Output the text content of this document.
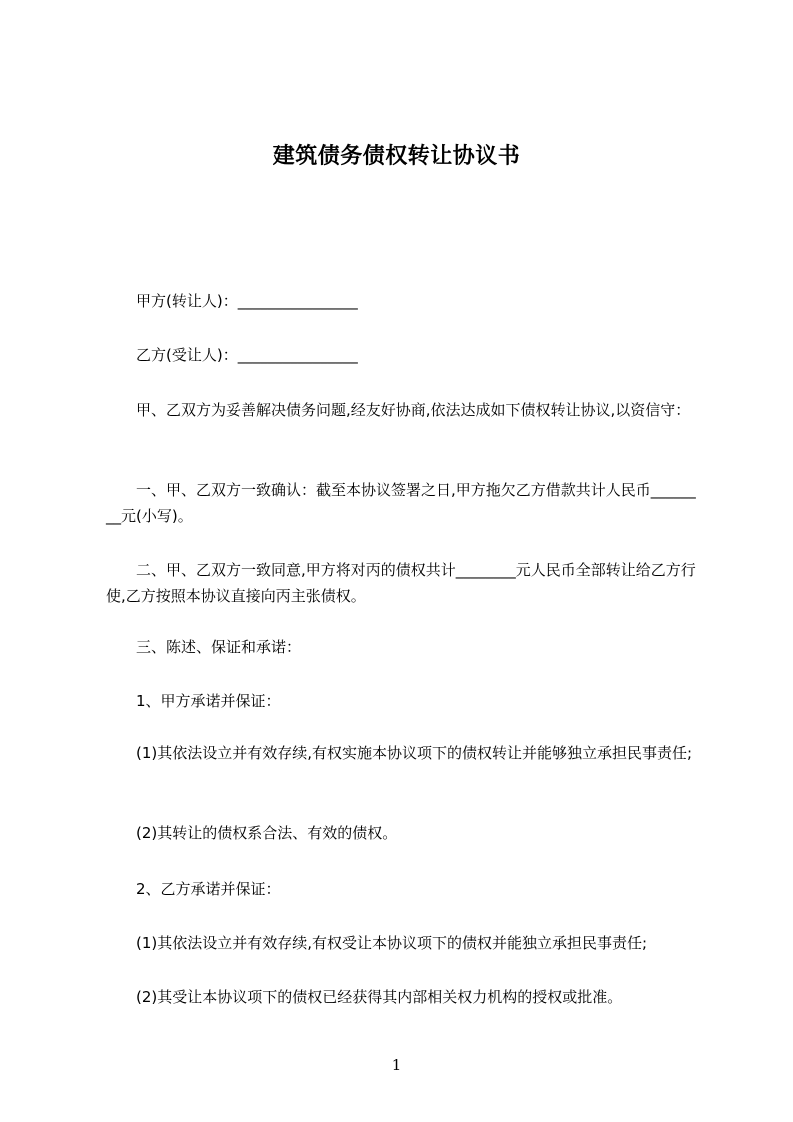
建筑债务债权转让协议书

　　甲方(转让人)：________________

　　乙方(受让人)：________________

　　甲、乙双方为妥善解决债务问题,经友好协商,依法达成如下债权转让协议,以资信守：

　　一、甲、乙双方一致确认：截至本协议签署之日,甲方拖欠乙方借款共计人民币________元(小写)。

　　二、甲、乙双方一致同意,甲方将对丙的债权共计________元人民币全部转让给乙方行使,乙方按照本协议直接向丙主张债权。

　　三、陈述、保证和承诺：

　　1、甲方承诺并保证：

　　(1)其依法设立并有效存续,有权实施本协议项下的债权转让并能够独立承担民事责任;

　　(2)其转让的债权系合法、有效的债权。

　　2、乙方承诺并保证：

　　(1)其依法设立并有效存续,有权受让本协议项下的债权并能独立承担民事责任;

　　(2)其受让本协议项下的债权已经获得其内部相关权力机构的授权或批准。

1
